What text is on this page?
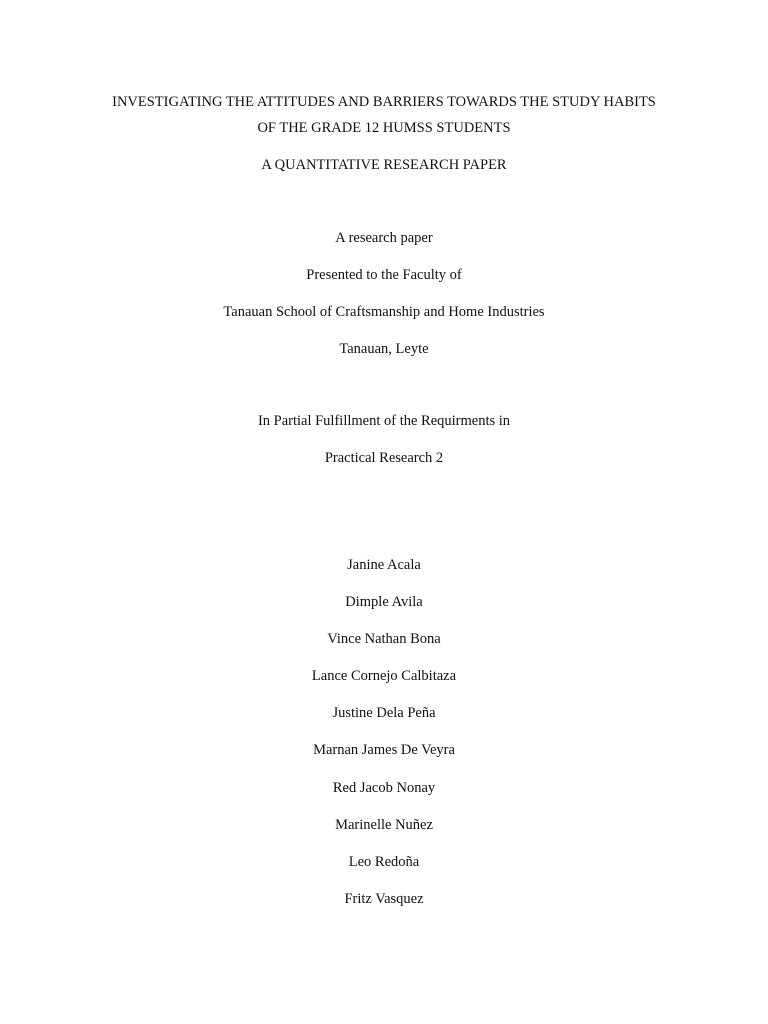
INVESTIGATING THE ATTITUDES AND BARRIERS TOWARDS THE STUDY HABITS
OF THE GRADE 12 HUMSS STUDENTS
A QUANTITATIVE RESEARCH PAPER
A research paper
Presented to the Faculty of
Tanauan School of Craftsmanship and Home Industries
Tanauan, Leyte
In Partial Fulfillment of the Requirments in
Practical Research 2
Janine Acala
Dimple Avila
Vince Nathan Bona
Lance Cornejo Calbitaza
Justine Dela Peña
Marnan James De Veyra
Red Jacob Nonay
Marinelle Nuñez
Leo Redoña
Fritz Vasquez
